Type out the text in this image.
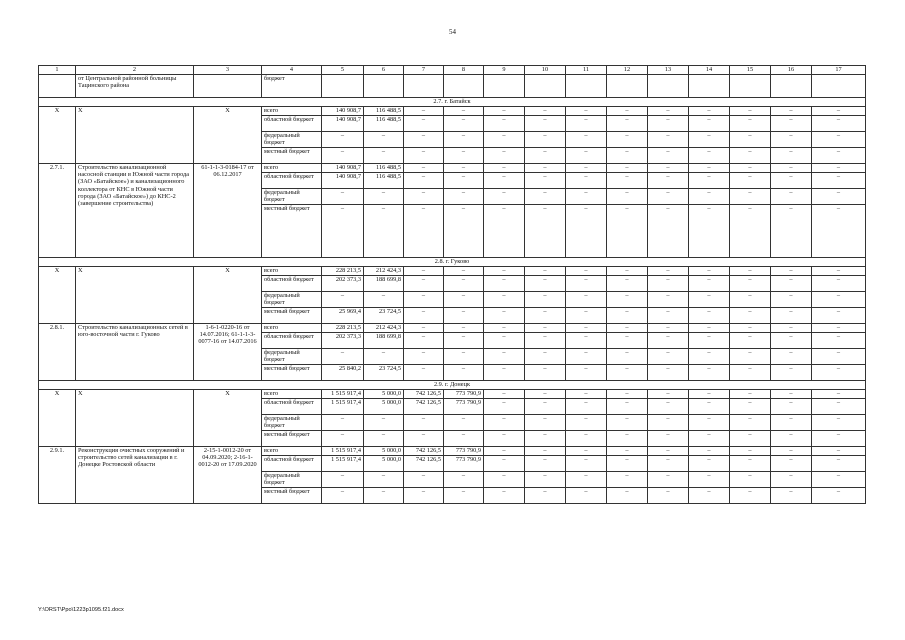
54
1	2	3	4	5	6	7	8	9	10	11	12	13	14	15	16	17
	от Центральной районной больницы Тацинского района		бюджет													
2.7. г. Батайск																
Х	Х	Х	всего	140 908,7	116 488,5	–	–	–	–	–	–	–	–	–	–	–
			областной бюджет	140 908,7	116 488,5	–	–	–	–	–	–	–	–	–	–	–
			федеральный бюджет	–	–	–	–	–	–	–	–	–	–	–	–	–
			местный бюджет	–	–	–	–	–	–	–	–	–	–	–	–	–
2.7.1.	Строительство канализационной насосной станции в Южной части города (ЗАО «Батайское») и канализационного коллектора от КНС в Южной части города (ЗАО «Батайское») до КНС-2 (завершение строительства)	61-1-1-3-0184-17 от 06.12.2017	всего	140 908,7	116 488,5	–	–	–	–	–	–	–	–	–	–	–
			областной бюджет	140 908,7	116 488,5	–	–	–	–	–	–	–	–	–	–	–
			федеральный бюджет	–	–	–	–	–	–	–	–	–	–	–	–	–
			местный бюджет	–	–	–	–	–	–	–	–	–	–	–	–	–
2.8. г. Гуково																
Х	Х	Х	всего	228 213,5	212 424,3	–	–	–	–	–	–	–	–	–	–	–
			областной бюджет	202 373,3	188 699,8	–	–	–	–	–	–	–	–	–	–	–
			федеральный бюджет	–	–	–	–	–	–	–	–	–	–	–	–	–
			местный бюджет	25 969,4	23 724,5	–	–	–	–	–	–	–	–	–	–	–
2.8.1.	Строительство канализационных сетей в юго-восточной части г. Гуково	1-6-1-0220-16 от 14.07.2016; 61-1-1-3-0077-16 от 14.07.2016	всего	228 213,5	212 424,3	–	–	–	–	–	–	–	–	–	–	–
			областной бюджет	202 373,3	188 699,8	–	–	–	–	–	–	–	–	–	–	–
			федеральный бюджет	–	–	–	–	–	–	–	–	–	–	–	–	–
			местный бюджет	25 840,2	23 724,5	–	–	–	–	–	–	–	–	–	–	–
2.9. г. Донецк																
Х	Х	Х	всего	1 515 917,4	5 000,0	742 126,5	773 790,9	–	–	–	–	–	–	–	–	–
			областной бюджет	1 515 917,4	5 000,0	742 126,5	773 790,9	–	–	–	–	–	–	–	–	–
			федеральный бюджет	–	–	–	–	–	–	–	–	–	–	–	–	–
			местный бюджет	–	–	–	–	–	–	–	–	–	–	–	–	–
2.9.1.	Реконструкция очистных сооружений и строительство сетей канализации в г. Донецке Ростовской области	2-15-1-0012-20 от 04.09.2020; 2-16-1-0012-20 от 17.09.2020	всего	1 515 917,4	5 000,0	742 126,5	773 790,9	–	–	–	–	–	–	–	–	–
			областной бюджет	1 515 917,4	5 000,0	742 126,5	773 790,9	–	–	–	–	–	–	–	–	–
			федеральный бюджет	–	–	–	–	–	–	–	–	–	–	–	–	–
			местный бюджет	–	–	–	–	–	–	–	–	–	–	–	–	–
Y:\ORST\Ppo\1223p1095.f21.docx
